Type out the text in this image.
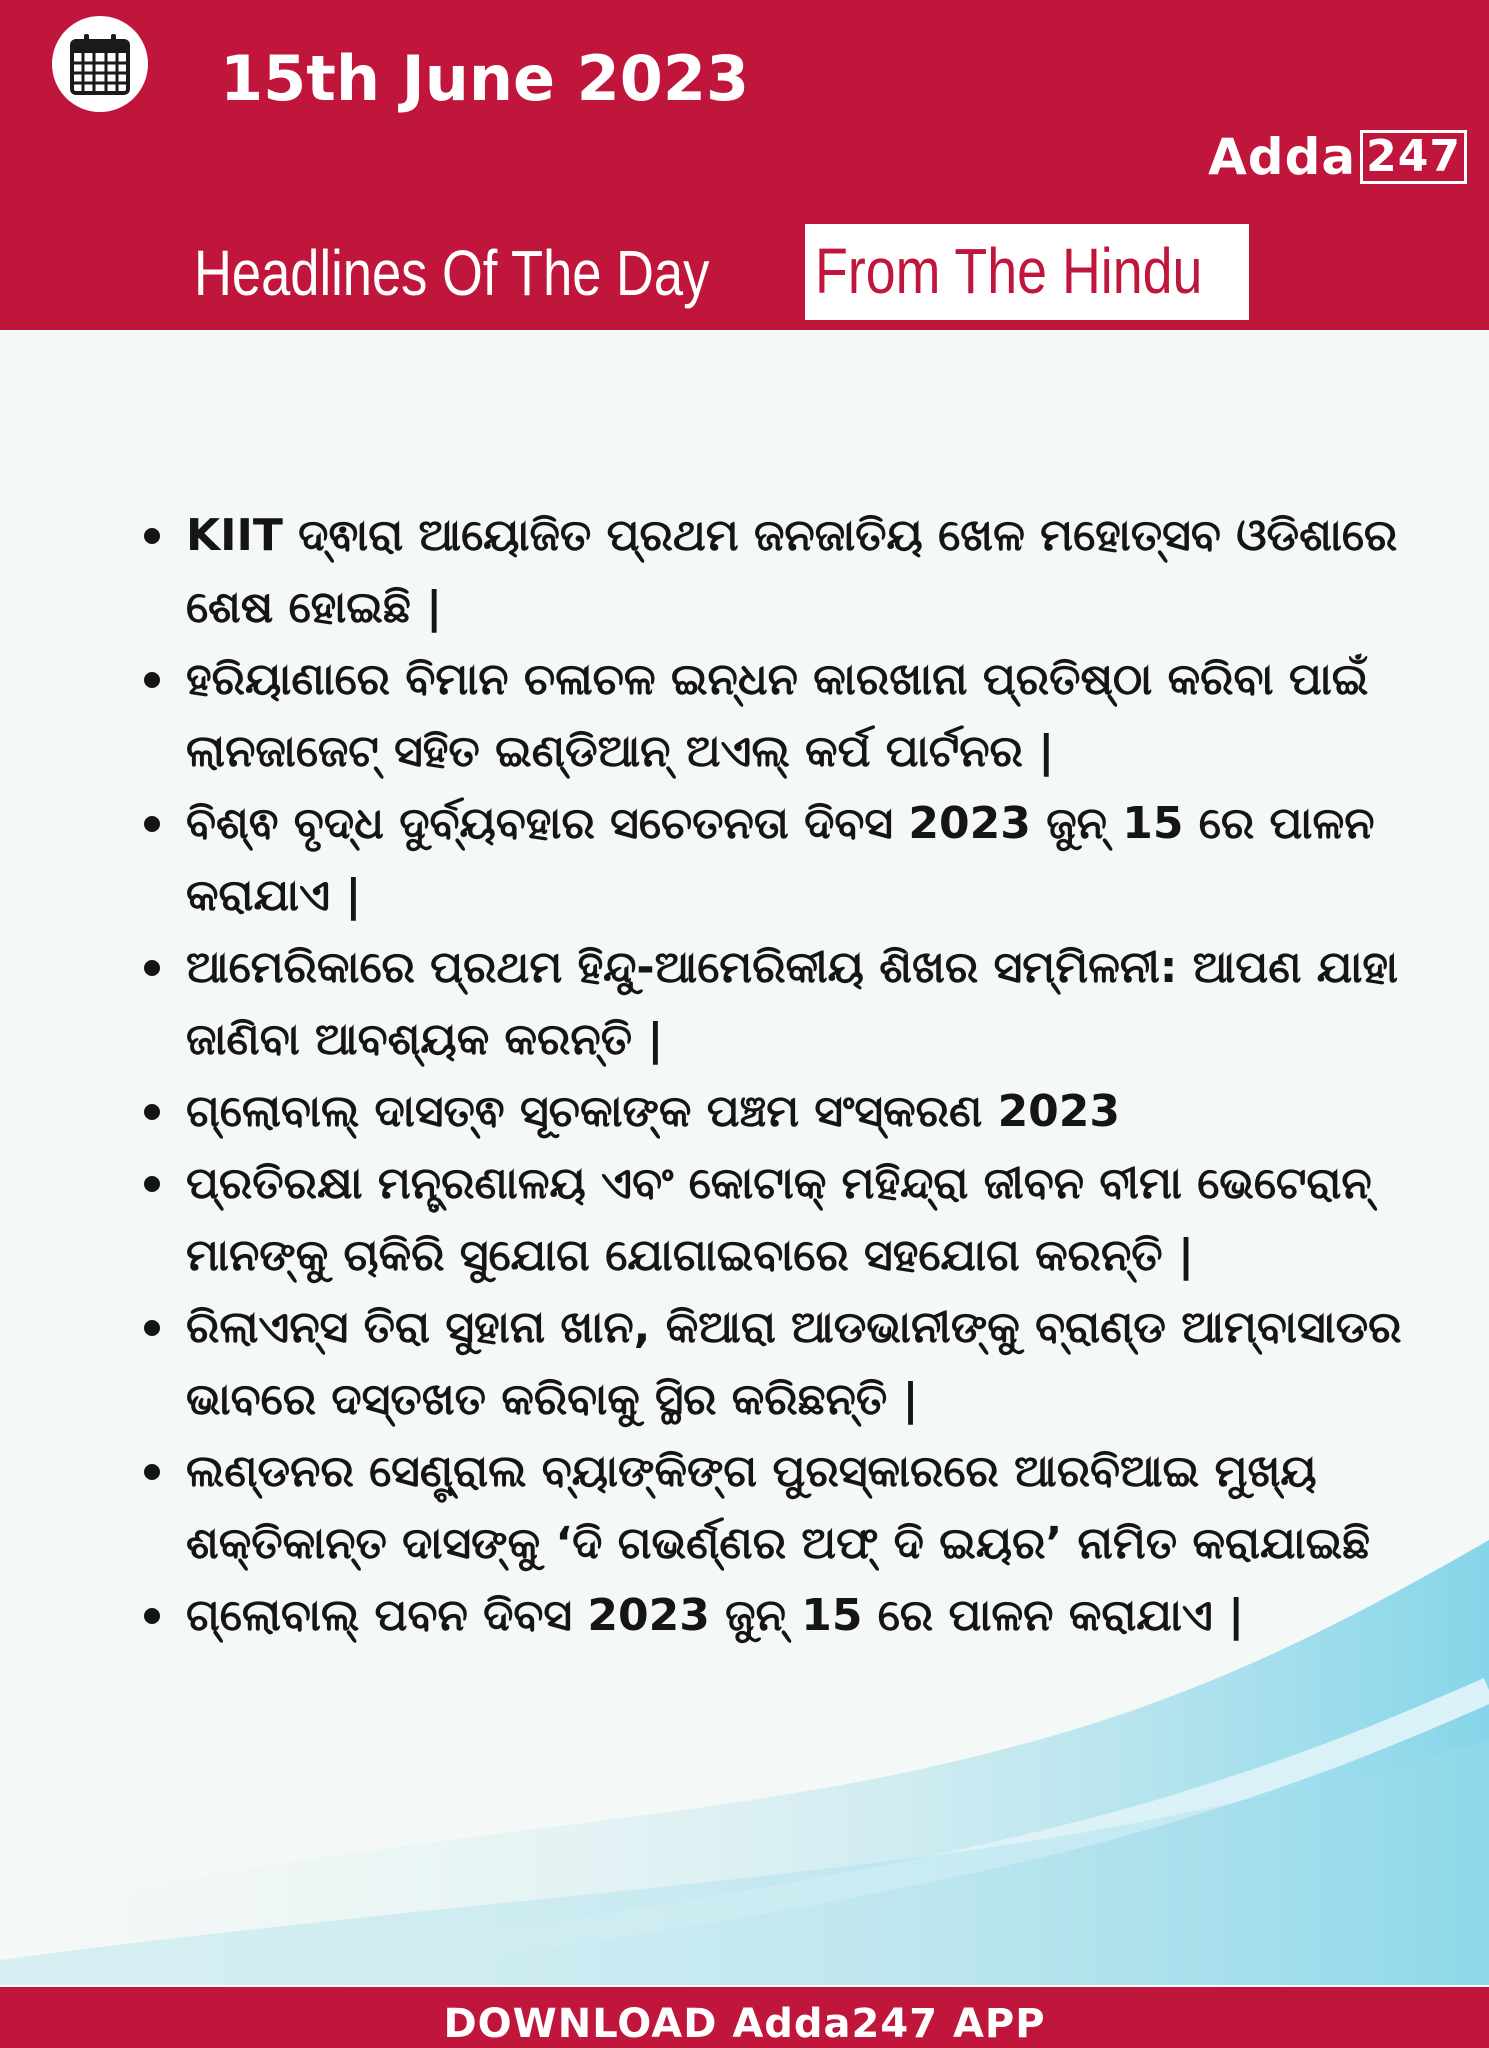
15th June 2023
Adda 247
Headlines Of The Day From The Hindu
KIIT ଦ୍ଵାରା ଆୟୋଜିତ ପ୍ରଥମ ଜନଜାତିୟ ଖେଳ ମହୋତ୍ସବ ଓଡିଶାରେ ଶେଷ ହୋଇଛି |
ହରିୟାଣାରେ ବିମାନ ଚଳାଚଳ ଇନ୍ଧନ କାରଖାନା ପ୍ରତିଷ୍ଠା କରିବା ପାଇଁ ଲାନଜାଜେଟ୍ ସହିତ ଇଣ୍ଡିଆନ୍ ଅଏଲ୍ କର୍ପ ପାର୍ଟନର |
ବିଶ୍ଵ ବୃଦ୍ଧ ଦୁର୍ବ୍ୟବହାର ସଚେତନତା ଦିବସ 2023 ଜୁନ୍ 15 ରେ ପାଳନ କରାଯାଏ |
ଆମେରିକାରେ ପ୍ରଥମ ହିନ୍ଦୁ-ଆମେରିକୀୟ ଶିଖର ସମ୍ମିଳନୀ: ଆପଣ ଯାହା ଜାଣିବା ଆବଶ୍ୟକ କରନ୍ତି |
ଗ୍ଲୋବାଲ୍ ଦାସତ୍ଵ ସୂଚକାଙ୍କ ପଞ୍ଚମ ସଂସ୍କରଣ 2023
ପ୍ରତିରକ୍ଷା ମନ୍ତ୍ରଣାଳୟ ଏବଂ କୋଟାକ୍ ମହିନ୍ଦ୍ରା ଜୀବନ ବୀମା ଭେଟେରାନ୍ ମାନଙ୍କୁ ଚାକିରି ସୁଯୋଗ ଯୋଗାଇବାରେ ସହଯୋଗ କରନ୍ତି |
ରିଲାଏନ୍ସ ତିରା ସୁହାନା ଖାନ, କିଆରା ଆଡଭାନୀଙ୍କୁ ବ୍ରାଣ୍ଡ ଆମ୍ବାସାଡର ଭାବରେ ଦସ୍ତଖତ କରିବାକୁ ସ୍ଥିର କରିଛନ୍ତି |
ଲଣ୍ଡନର ସେଣ୍ଟ୍ରାଲ ବ୍ୟାଙ୍କିଙ୍ଗ ପୁରସ୍କାରରେ ଆରବିଆଇ ମୁଖ୍ୟ ଶକ୍ତିକାନ୍ତ ଦାସଙ୍କୁ ‘ଦି ଗଭର୍ଣ୍ଣର ଅଫ୍ ଦି ଇୟର’ ନାମିତ କରାଯାଇଛି
ଗ୍ଲୋବାଲ୍ ପବନ ଦିବସ 2023 ଜୁନ୍ 15 ରେ ପାଳନ କରାଯାଏ |
DOWNLOAD Adda247 APP
